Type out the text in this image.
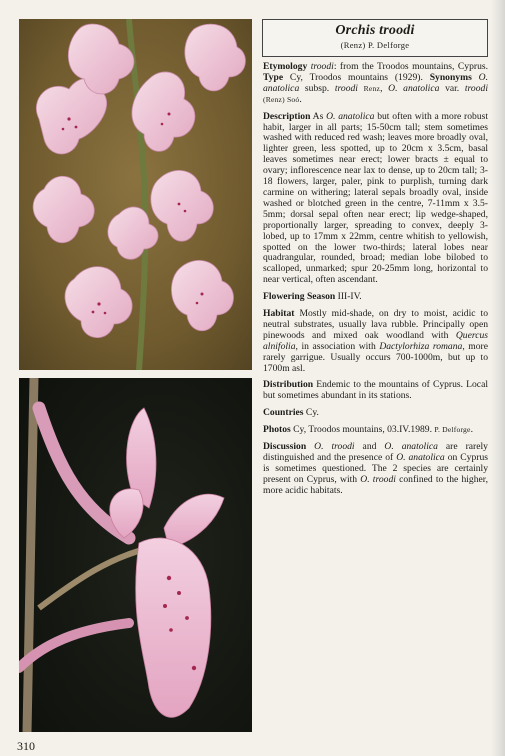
Orchis troodi
(Renz) P. Delforge

Etymology troodi: from the Troodos mountains, Cyprus. Type Cy, Troodos mountains (1929). Synonyms O. anatolica subsp. troodi Renz, O. anatolica var. troodi (Renz) Soó.

Description As O. anatolica but often with a more robust habit, larger in all parts; 15-50cm tall; stem sometimes washed with reduced red wash; leaves more broadly oval, lighter green, less spotted, up to 20cm x 3.5cm, basal leaves sometimes near erect; lower bracts ± equal to ovary; inflorescence near lax to dense, up to 20cm tall; 3-18 flowers, larger, paler, pink to purplish, turning dark carmine on withering; lateral sepals broadly oval, inside washed or blotched green in the centre, 7-11mm x 3.5-5mm; dorsal sepal often near erect; lip wedge-shaped, proportionally larger, spreading to convex, deeply 3-lobed, up to 17mm x 22mm, centre whitish to yellowish, spotted on the lower two-thirds; lateral lobes near quadrangular, rounded, broad; median lobe bilobed to scalloped, unmarked; spur 20-25mm long, horizontal to near vertical, often ascendant.

Flowering Season III-IV.

Habitat Mostly mid-shade, on dry to moist, acidic to neutral substrates, usually lava rubble. Principally open pinewoods and mixed oak woodland with Quercus alnifolia, in association with Dactylorhiza romana, more rarely garrigue. Usually occurs 700-1000m, but up to 1700m asl.

Distribution Endemic to the mountains of Cyprus. Local but sometimes abundant in its stations.

Countries Cy.

Photos Cy, Troodos mountains, 03.IV.1989. P. Delforge.

Discussion O. troodi and O. anatolica are rarely distinguished and the presence of O. anatolica on Cyprus is sometimes questioned. The 2 species are certainly present on Cyprus, with O. troodi confined to the higher, more acidic habitats.

310
